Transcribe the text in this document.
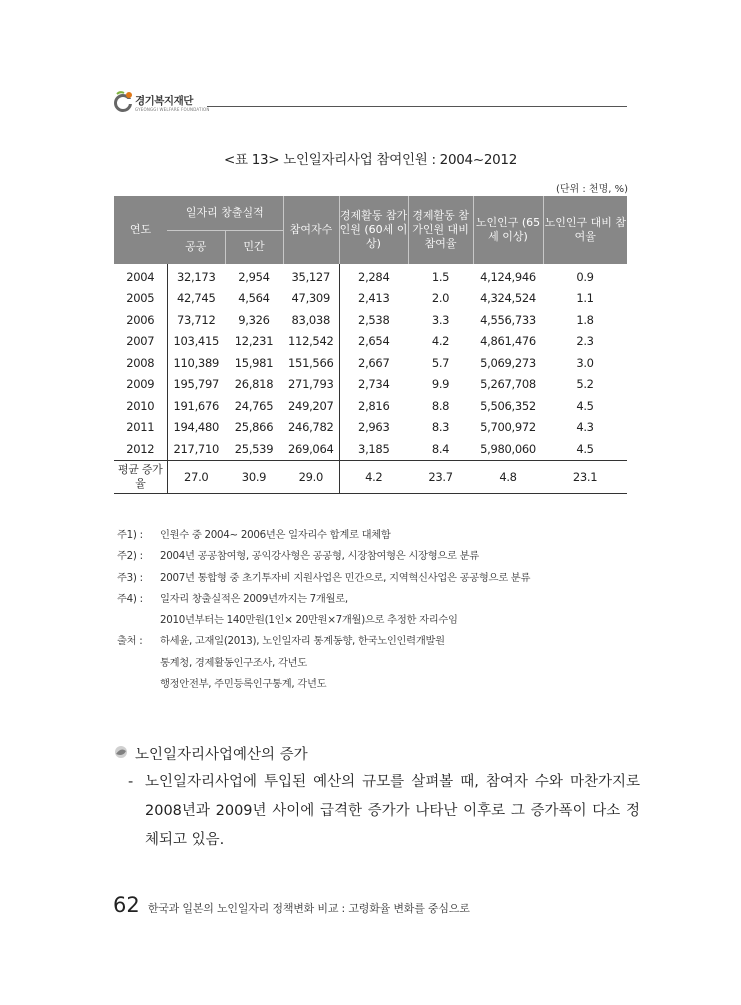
경기복지재단
GYEONGGI WELFARE FOUNDATION
<표 13> 노인일자리사업 참여인원 : 2004~2012
(단위 : 천명, %)
연도	일자리 창출실적		참여자수	경제활동 참가인원 (60세 이상)	경제활동 참가인원 대비 참여율	노인인구 (65세 이상)	노인인구 대비 참여율
	공공	민간					
2004	32,173	2,954	35,127	2,284	1.5	4,124,946	0.9
2005	42,745	4,564	47,309	2,413	2.0	4,324,524	1.1
2006	73,712	9,326	83,038	2,538	3.3	4,556,733	1.8
2007	103,415	12,231	112,542	2,654	4.2	4,861,476	2.3
2008	110,389	15,981	151,566	2,667	5.7	5,069,273	3.0
2009	195,797	26,818	271,793	2,734	9.9	5,267,708	5.2
2010	191,676	24,765	249,207	2,816	8.8	5,506,352	4.5
2011	194,480	25,866	246,782	2,963	8.3	5,700,972	4.3
2012	217,710	25,539	269,064	3,185	8.4	5,980,060	4.5
평균 증가율	27.0	30.9	29.0	4.2	23.7	4.8	23.1
주1) : 인원수 중 2004~ 2006년은 일자리수 합계로 대체함
주2) : 2004년 공공참여형, 공익강사형은 공공형, 시장참여형은 시장형으로 분류
주3) : 2007년 통합형 중 초기투자비 지원사업은 민간으로, 지역혁신사업은 공공형으로 분류
주4) : 일자리 창출실적은 2009년까지는 7개월로,
2010년부터는 140만원(1인× 20만원×7개월)으로 추정한 자리수임
출처 : 하세윤, 고재일(2013), 노인일자리 통계동향, 한국노인인력개발원
통계청, 경제활동인구조사, 각년도
행정안전부, 주민등록인구통계, 각년도
노인일자리사업예산의 증가
- 노인일자리사업에 투입된 예산의 규모를 살펴볼 때, 참여자 수와 마찬가지로 2008년과 2009년 사이에 급격한 증가가 나타난 이후로 그 증가폭이 다소 정체되고 있음.
62 한국과 일본의 노인일자리 정책변화 비교 : 고령화율 변화를 중심으로
